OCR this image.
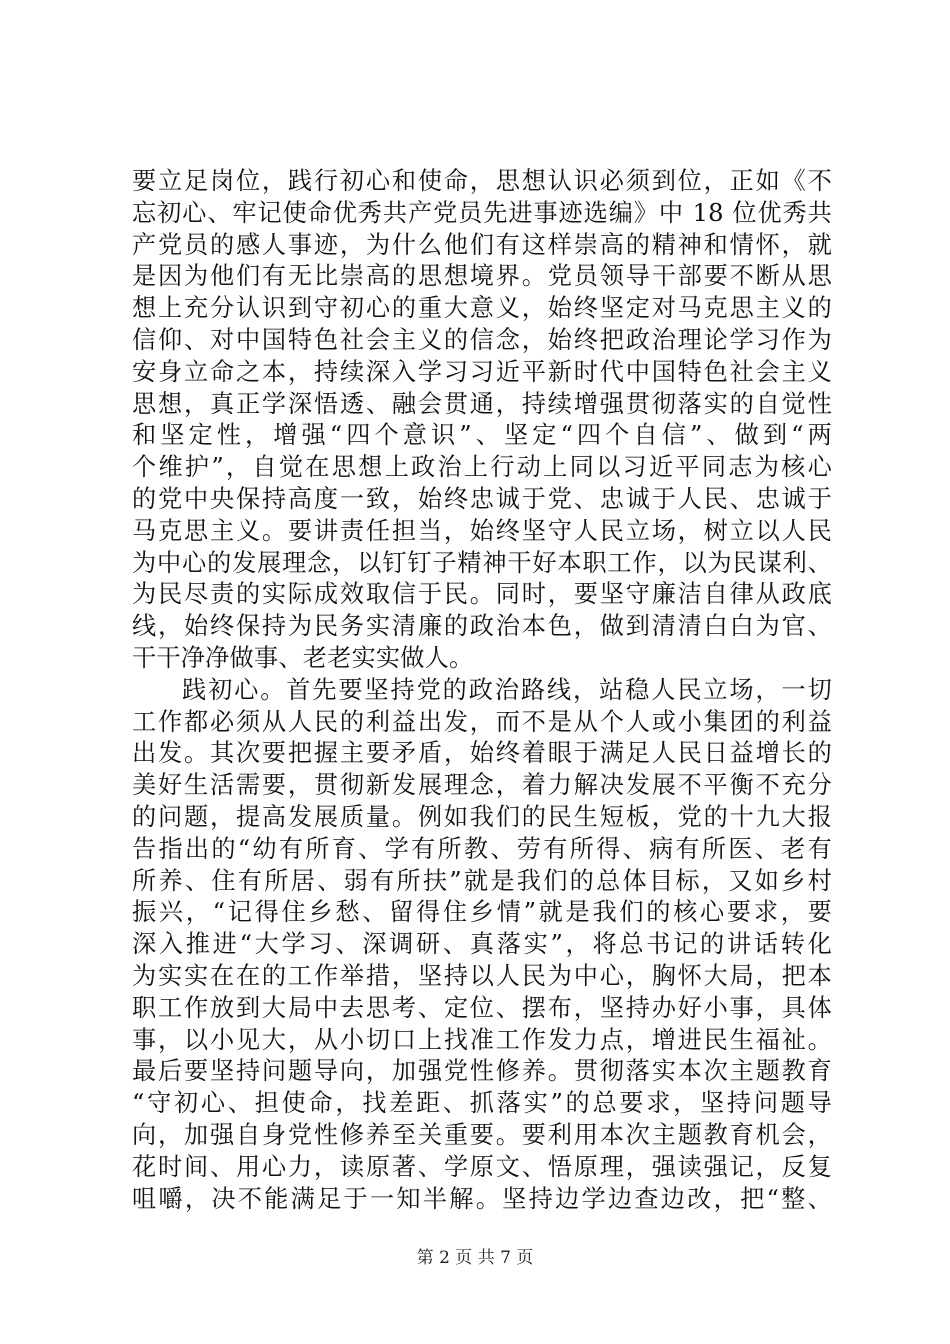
要立足岗位，践行初心和使命，思想认识必须到位，正如《不
忘初心、牢记使命优秀共产党员先进事迹选编》中 18 位优秀共
产党员的感人事迹，为什么他们有这样崇高的精神和情怀，就
是因为他们有无比崇高的思想境界。党员领导干部要不断从思
想上充分认识到守初心的重大意义，始终坚定对马克思主义的
信仰、对中国特色社会主义的信念，始终把政治理论学习作为
安身立命之本，持续深入学习习近平新时代中国特色社会主义
思想，真正学深悟透、融会贯通，持续增强贯彻落实的自觉性
和坚定性，增强“四个意识”、坚定“四个自信”、做到“两
个维护”，自觉在思想上政治上行动上同以习近平同志为核心
的党中央保持高度一致，始终忠诚于党、忠诚于人民、忠诚于
马克思主义。要讲责任担当，始终坚守人民立场，树立以人民
为中心的发展理念，以钉钉子精神干好本职工作，以为民谋利、
为民尽责的实际成效取信于民。同时，要坚守廉洁自律从政底
线，始终保持为民务实清廉的政治本色，做到清清白白为官、
干干净净做事、老老实实做人。
践初心。首先要坚持党的政治路线，站稳人民立场，一切
工作都必须从人民的利益出发，而不是从个人或小集团的利益
出发。其次要把握主要矛盾，始终着眼于满足人民日益增长的
美好生活需要，贯彻新发展理念，着力解决发展不平衡不充分
的问题，提高发展质量。例如我们的民生短板，党的十九大报
告指出的“幼有所育、学有所教、劳有所得、病有所医、老有
所养、住有所居、弱有所扶”就是我们的总体目标，又如乡村
振兴，“记得住乡愁、留得住乡情”就是我们的核心要求，要
深入推进“大学习、深调研、真落实”，将总书记的讲话转化
为实实在在的工作举措，坚持以人民为中心，胸怀大局，把本
职工作放到大局中去思考、定位、摆布，坚持办好小事，具体
事，以小见大，从小切口上找准工作发力点，增进民生福祉。
最后要坚持问题导向，加强党性修养。贯彻落实本次主题教育
“守初心、担使命，找差距、抓落实”的总要求，坚持问题导
向，加强自身党性修养至关重要。要利用本次主题教育机会，
花时间、用心力，读原著、学原文、悟原理，强读强记，反复
咀嚼，决不能满足于一知半解。坚持边学边查边改，把“整、
第 2 页 共 7 页
